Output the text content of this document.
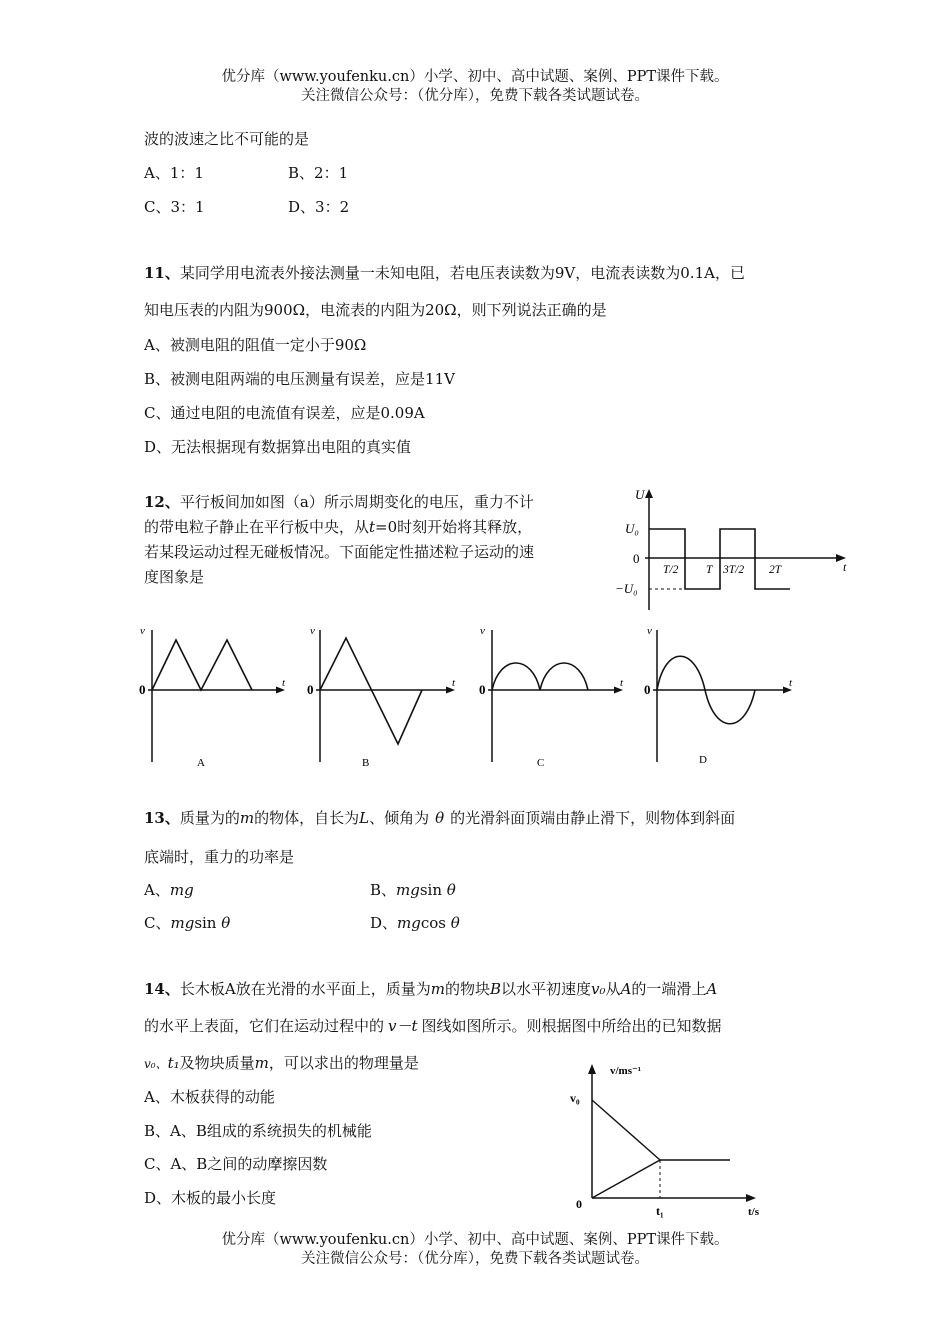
优分库（www.youfenku.cn）小学、初中、高中试题、案例、PPT课件下载。
关注微信公众号：（优分库），免费下载各类试题试卷。
波的波速之比不可能的是
A、1：1	B、2：1
C、3：1	D、3：2
11、某同学用电流表外接法测量一未知电阻，若电压表读数为9V，电流表读数为0.1A，已
知电压表的内阻为900Ω，电流表的内阻为20Ω，则下列说法正确的是
A、被测电阻的阻值一定小于90Ω
B、被测电阻两端的电压测量有误差，应是11V
C、通过电阻的电流值有误差，应是0.09A
D、无法根据现有数据算出电阻的真实值
12、平行板间加如图（a）所示周期变化的电压，重力不计
的带电粒子静止在平行板中央，从t=0时刻开始将其释放，
若某段运动过程无碰板情况。下面能定性描述粒子运动的速
度图象是
U
t
U₀
0
−U₀
T/2 T 3T/2 2T
v
t
0
A
v
t
0
B
v
t
0
C
v
t
0
D
13、质量为的m的物体，自长为L、倾角为 θ 的光滑斜面顶端由静止滑下，则物体到斜面
底端时，重力的功率是
A、mg	B、mgsin θ
C、mgsin θ	D、mgcos θ
14、长木板A放在光滑的水平面上，质量为m的物块B以水平初速度v₀从A的一端滑上A
的水平上表面，它们在运动过程中的 v－t 图线如图所示。则根据图中所给出的已知数据
v₀、t₁及物块质量m，可以求出的物理量是
A、木板获得的动能
B、A、B组成的系统损失的机械能
C、A、B之间的动摩擦因数
D、木板的最小长度
v/ms⁻¹
v₀
0	t₁	t/s
优分库（www.youfenku.cn）小学、初中、高中试题、案例、PPT课件下载。
关注微信公众号：（优分库），免费下载各类试题试卷。
